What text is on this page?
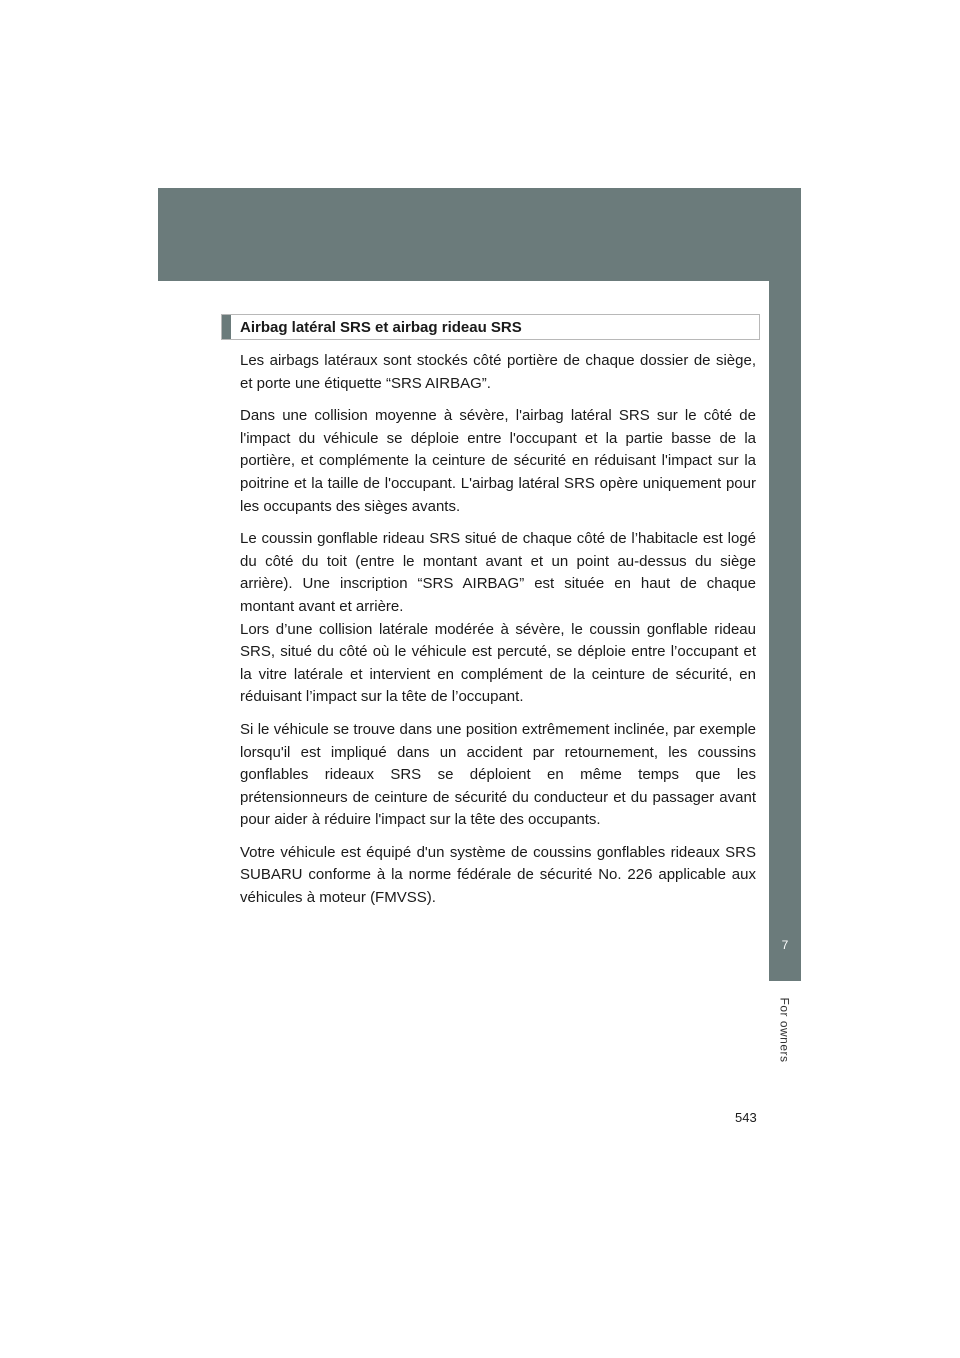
7
For owners
Airbag latéral SRS et airbag rideau SRS

Les airbags latéraux sont stockés côté portière de chaque dossier de siège, et porte une étiquette “SRS AIRBAG”.

Dans une collision moyenne à sévère, l'airbag latéral SRS sur le côté de l'impact du véhicule se déploie entre l'occupant et la partie basse de la portière, et complémente la ceinture de sécurité en réduisant l'impact sur la poitrine et la taille de l'occupant. L'airbag latéral SRS opère uniquement pour les occupants des sièges avants.

Le coussin gonflable rideau SRS situé de chaque côté de l’habitacle est logé du côté du toit (entre le montant avant et un point au-dessus du siège arrière). Une inscription “SRS AIRBAG” est située en haut de chaque montant avant et arrière.

Lors d’une collision latérale modérée à sévère, le coussin gonflable rideau SRS, situé du côté où le véhicule est percuté, se déploie entre l’occupant et la vitre latérale et intervient en complément de la ceinture de sécurité, en réduisant l’impact sur la tête de l’occupant.

Si le véhicule se trouve dans une position extrêmement inclinée, par exemple lorsqu'il est impliqué dans un accident par retournement, les coussins gonflables rideaux SRS se déploient en même temps que les prétensionneurs de ceinture de sécurité du conducteur et du passager avant pour aider à réduire l'impact sur la tête des occupants.

Votre véhicule est équipé d'un système de coussins gonflables rideaux SRS SUBARU conforme à la norme fédérale de sécurité No. 226 applicable aux véhicules à moteur (FMVSS).

543
